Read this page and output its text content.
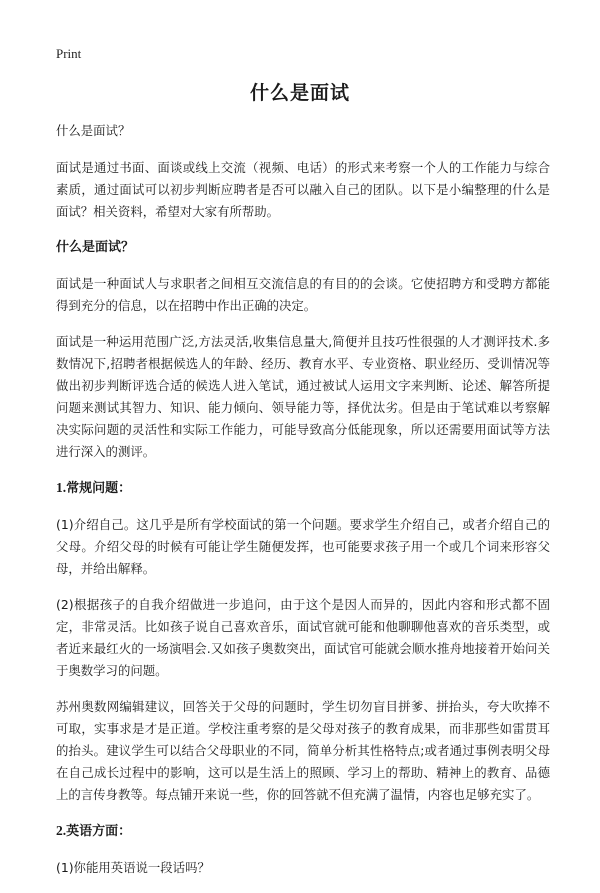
Print
什么是面试

什么是面试？

面试是通过书面、面谈或线上交流（视频、电话）的形式来考察一个人的工作能力与综合素质，通过面试可以初步判断应聘者是否可以融入自己的团队。以下是小编整理的什么是面试？相关资料，希望对大家有所帮助。

什么是面试？

面试是一种面试人与求职者之间相互交流信息的有目的的会谈。它使招聘方和受聘方都能得到充分的信息，以在招聘中作出正确的决定。

面试是一种运用范围广泛,方法灵活,收集信息量大,简便并且技巧性很强的人才测评技术.多数情况下,招聘者根据候选人的年龄、经历、教育水平、专业资格、职业经历、受训情况等做出初步判断评选合适的候选人进入笔试，通过被试人运用文字来判断、论述、解答所提问题来测试其智力、知识、能力倾向、领导能力等，择优汰劣。但是由于笔试难以考察解决实际问题的灵活性和实际工作能力，可能导致高分低能现象，所以还需要用面试等方法进行深入的测评。

1.常规问题：

(1)介绍自己。这几乎是所有学校面试的第一个问题。要求学生介绍自己，或者介绍自己的父母。介绍父母的时候有可能让学生随便发挥，也可能要求孩子用一个或几个词来形容父母，并给出解释。

(2)根据孩子的自我介绍做进一步追问，由于这个是因人而异的，因此内容和形式都不固定，非常灵活。比如孩子说自己喜欢音乐，面试官就可能和他聊聊他喜欢的音乐类型，或者近来最红火的一场演唱会.又如孩子奥数突出，面试官可能就会顺水推舟地接着开始问关于奥数学习的问题。

苏州奥数网编辑建议，回答关于父母的问题时，学生切勿盲目拼爹、拼抬头，夸大吹捧不可取，实事求是才是正道。学校注重考察的是父母对孩子的教育成果，而非那些如雷贯耳的抬头。建议学生可以结合父母职业的不同，简单分析其性格特点;或者通过事例表明父母在自己成长过程中的影响，这可以是生活上的照顾、学习上的帮助、精神上的教育、品德上的言传身教等。每点铺开来说一些，你的回答就不但充满了温情，内容也足够充实了。

2.英语方面：

(1)你能用英语说一段话吗？
